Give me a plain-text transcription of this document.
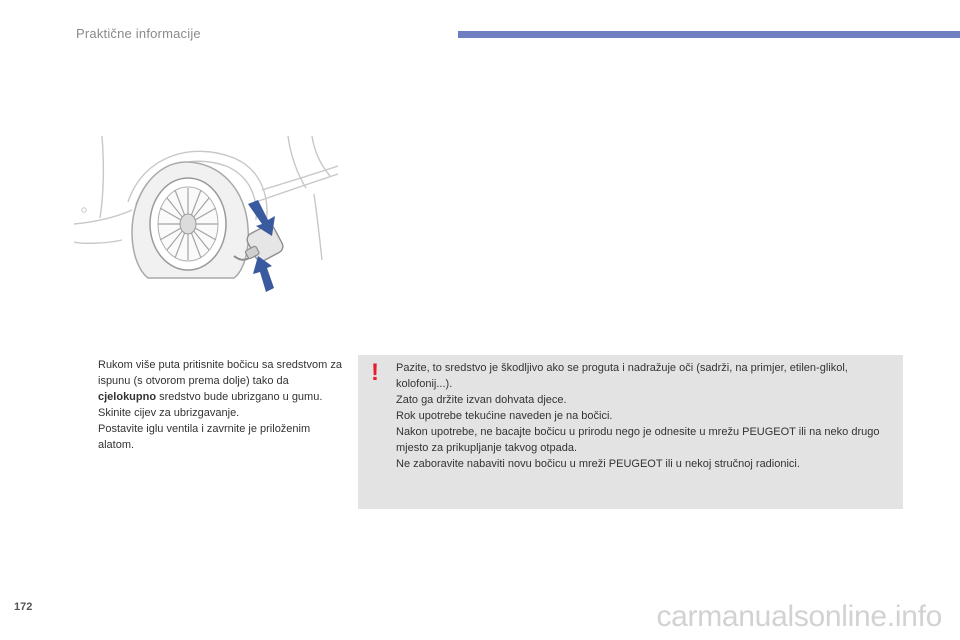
Praktične informacije
Rukom više puta pritisnite bočicu sa sredstvom za ispunu (s otvorom prema dolje) tako da cjelokupno sredstvo bude ubrizgano u gumu.
Skinite cijev za ubrizgavanje.
Postavite iglu ventila i zavrnite je priloženim alatom.
! Pazite, to sredstvo je škodljivo ako se proguta i nadražuje oči (sadrži, na primjer, etilen-glikol, kolofonij...).

Zato ga držite izvan dohvata djece.

Rok upotrebe tekućine naveden je na bočici.

Nakon upotrebe, ne bacajte bočicu u prirodu nego je odnesite u mrežu PEUGEOT ili na neko drugo mjesto za prikupljanje takvog otpada.

Ne zaboravite nabaviti novu bočicu u mreži PEUGEOT ili u nekoj stručnoj radionici.

172	carmanualsonline.info
